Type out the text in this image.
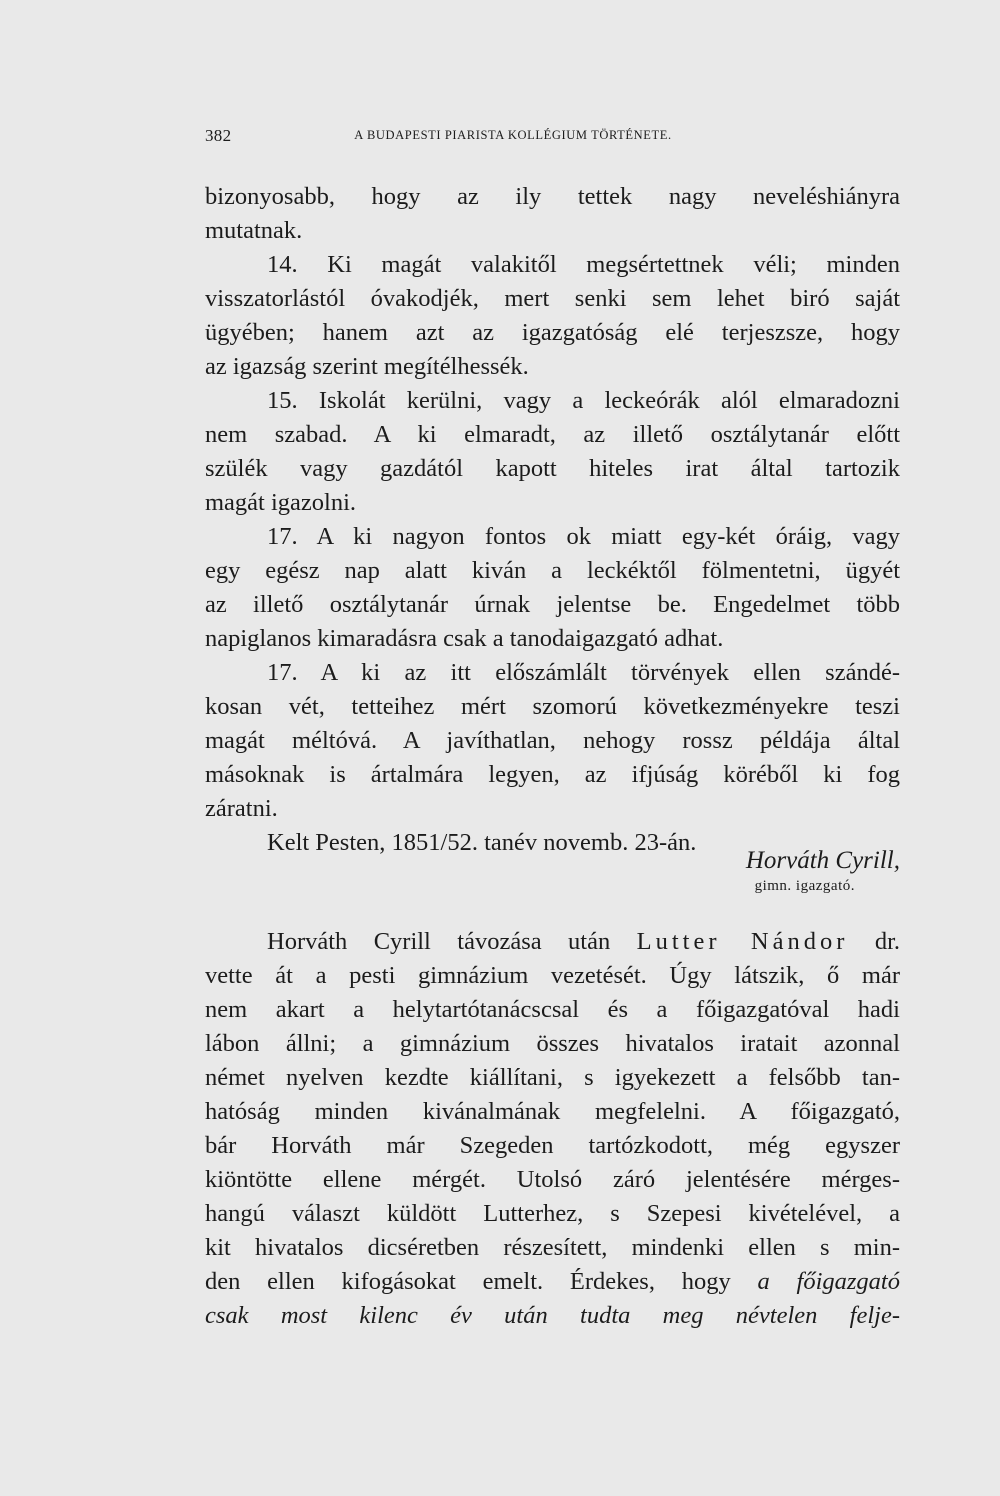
382	A BUDAPESTI PIARISTA KOLLÉGIUM TÖRTÉNETE.
bizonyosabb, hogy az ily tettek nagy neveléshiányra
mutatnak.
14. Ki magát valakitől megsértettnek véli; minden
visszatorlástól óvakodjék, mert senki sem lehet biró saját
ügyében; hanem azt az igazgatóság elé terjeszsze, hogy
az igazság szerint megítélhessék.
15. Iskolát kerülni, vagy a leckeórák alól elmaradozni
nem szabad. A ki elmaradt, az illető osztálytanár előtt
szülék vagy gazdától kapott hiteles irat által tartozik
magát igazolni.
17. A ki nagyon fontos ok miatt egy-két óráig, vagy
egy egész nap alatt kiván a leckéktől fölmentetni, ügyét
az illető osztálytanár úrnak jelentse be. Engedelmet több
napiglanos kimaradásra csak a tanodaigazgató adhat.
17. A ki az itt előszámlált törvények ellen szándé-
kosan vét, tetteihez mért szomorú következményekre teszi
magát méltóvá. A javíthatlan, nehogy rossz példája által
másoknak is ártalmára legyen, az ifjúság köréből ki fog
záratni.
Kelt Pesten, 1851/52. tanév novemb. 23-án.
Horváth Cyrill,
gimn. igazgató.
Horváth Cyrill távozása után Lutter Nándor dr.
vette át a pesti gimnázium vezetését. Úgy látszik, ő már
nem akart a helytartótanácscsal és a főigazgatóval hadi
lábon állni; a gimnázium összes hivatalos iratait azonnal
német nyelven kezdte kiállítani, s igyekezett a felsőbb tan-
hatóság minden kivánalmának megfelelni. A főigazgató,
bár Horváth már Szegeden tartózkodott, még egyszer
kiöntötte ellene mérgét. Utolsó záró jelentésére mérges-
hangú választ küldött Lutterhez, s Szepesi kivételével, a
kit hivatalos dicséretben részesített, mindenki ellen s min-
den ellen kifogásokat emelt. Érdekes, hogy a főigazgató
csak most kilenc év után tudta meg névtelen felje-
